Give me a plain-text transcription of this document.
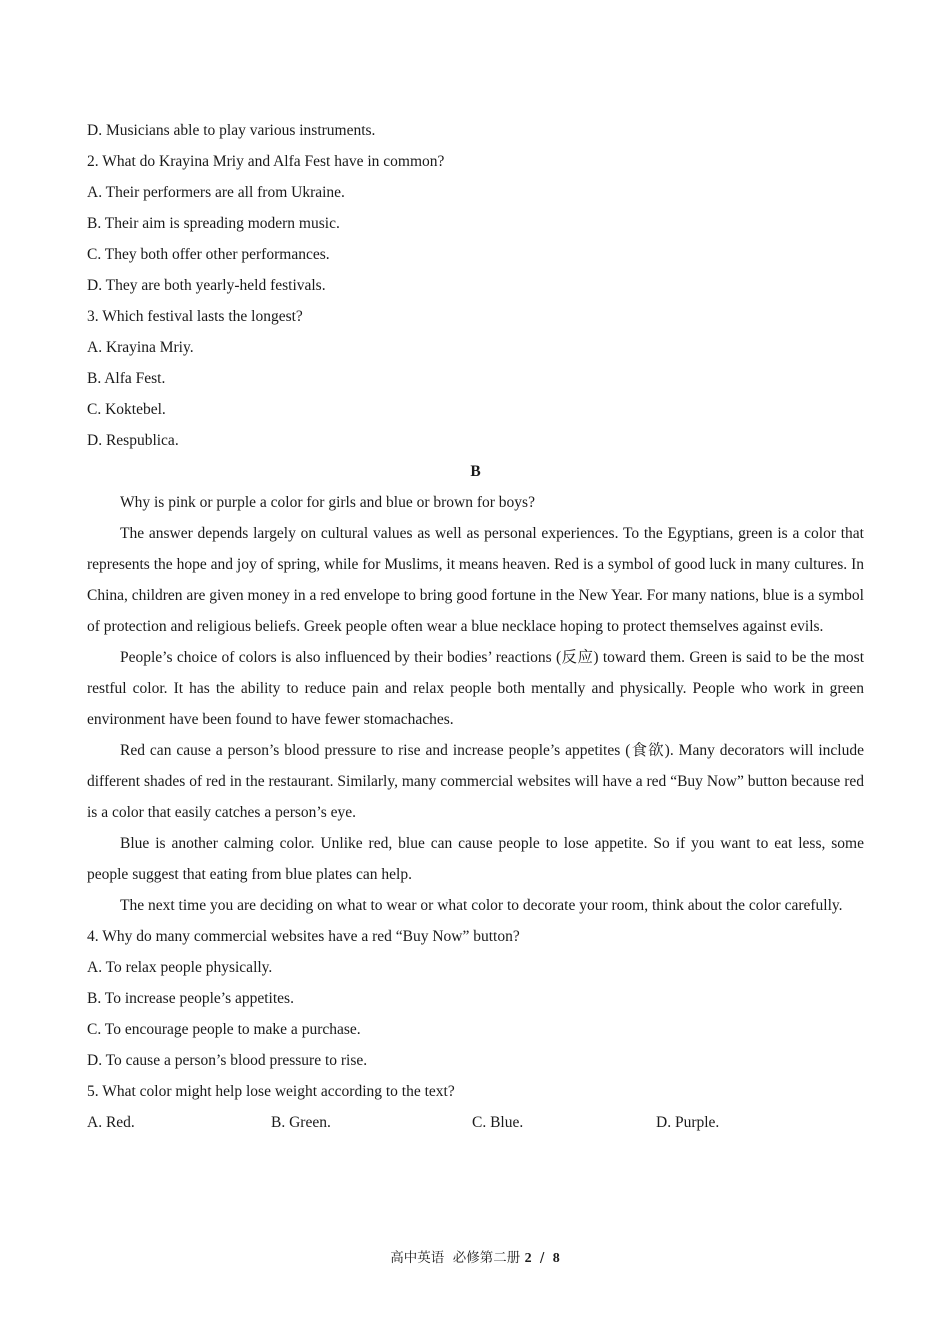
D. Musicians able to play various instruments.

2. What do Krayina Mriy and Alfa Fest have in common?

A. Their performers are all from Ukraine.

B. Their aim is spreading modern music.

C. They both offer other performances.

D. They are both yearly-held festivals.

3. Which festival lasts the longest?

A. Krayina Mriy.

B. Alfa Fest.

C. Koktebel.

D. Respublica.

B

Why is pink or purple a color for girls and blue or brown for boys?

The answer depends largely on cultural values as well as personal experiences. To the Egyptians, green is a color that represents the hope and joy of spring, while for Muslims, it means heaven. Red is a symbol of good luck in many cultures. In China, children are given money in a red envelope to bring good fortune in the New Year. For many nations, blue is a symbol of protection and religious beliefs. Greek people often wear a blue necklace hoping to protect themselves against evils.

People’s choice of colors is also influenced by their bodies’ reactions (反应) toward them. Green is said to be the most restful color. It has the ability to reduce pain and relax people both mentally and physically. People who work in green environment have been found to have fewer stomachaches.

Red can cause a person’s blood pressure to rise and increase people’s appetites (食欲). Many decorators will include different shades of red in the restaurant. Similarly, many commercial websites will have a red “Buy Now” button because red is a color that easily catches a person’s eye.

Blue is another calming color. Unlike red, blue can cause people to lose appetite. So if you want to eat less, some people suggest that eating from blue plates can help.

The next time you are deciding on what to wear or what color to decorate your room, think about the color carefully.

4. Why do many commercial websites have a red “Buy Now” button?

A. To relax people physically.

B. To increase people’s appetites.

C. To encourage people to make a purchase.

D. To cause a person’s blood pressure to rise.

5. What color might help lose weight according to the text?

A. Red.	B. Green.	C. Blue.	D. Purple.
高中英语  必修第二册 2 / 8
